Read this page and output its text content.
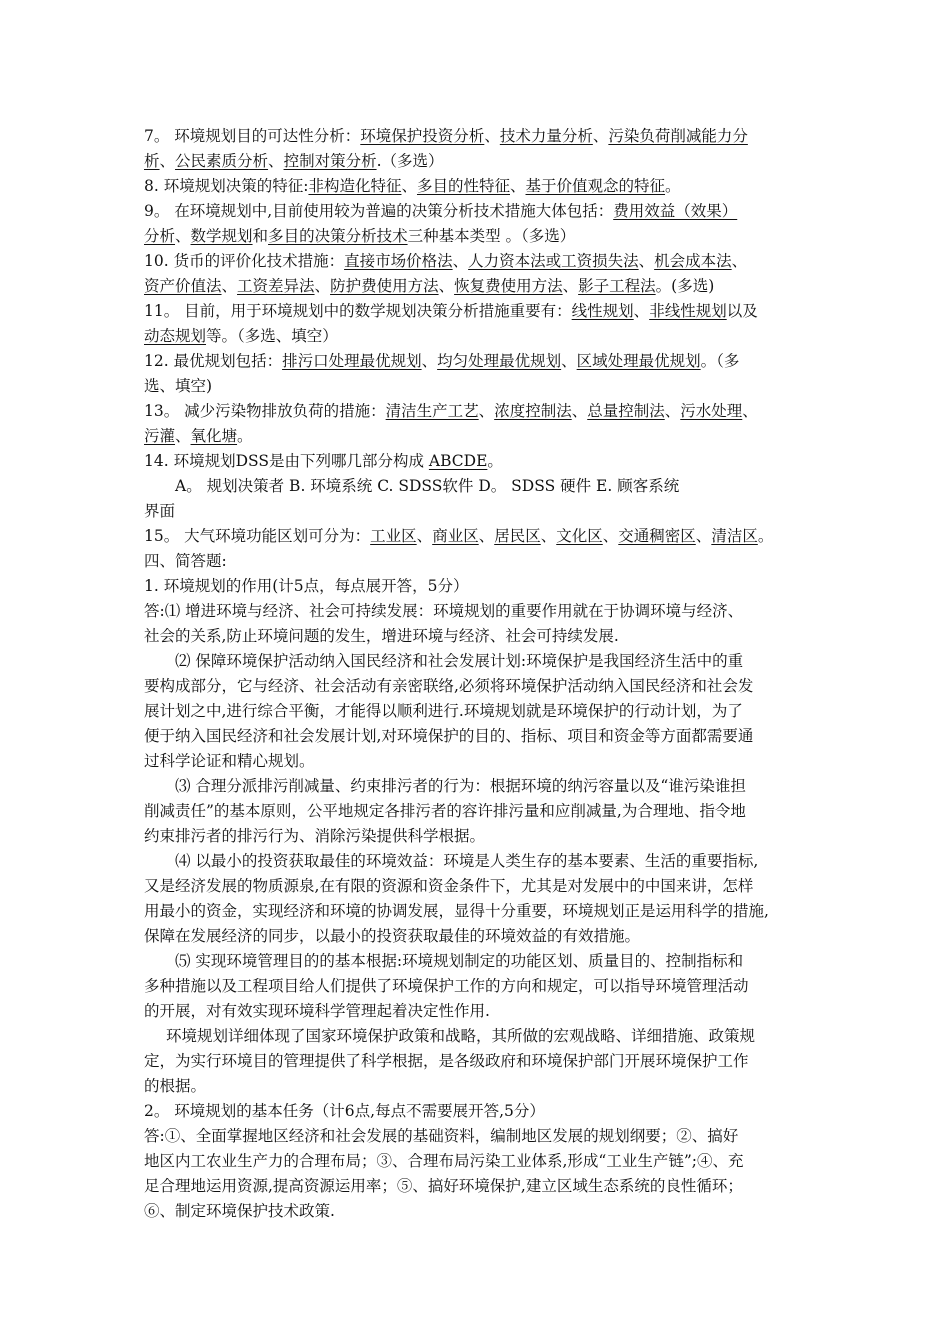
7。 环境规划目的可达性分析：环境保护投资分析、技术力量分析、污染负荷削减能力分
析、公民素质分析、控制对策分析.（多选）
8. 环境规划决策的特征:非构造化特征、多目的性特征、基于价值观念的特征。
9。 在环境规划中,目前使用较为普遍的决策分析技术措施大体包括：费用效益（效果）
分析、数学规划和多目的决策分析技术三种基本类型 。（多选）
10. 货币的评价化技术措施：直接市场价格法、人力资本法或工资损失法、机会成本法、
资产价值法、工资差异法、防护费使用方法、恢复费使用方法、影子工程法。(多选)
11。 目前，用于环境规划中的数学规划决策分析措施重要有：线性规划、非线性规划以及
动态规划等。（多选、填空）
12. 最优规划包括：排污口处理最优规划、均匀处理最优规划、区域处理最优规划。（多
选、填空)
13。 减少污染物排放负荷的措施：清洁生产工艺、浓度控制法、总量控制法、污水处理、
污灌、氧化塘。
14. 环境规划DSS是由下列哪几部分构成 ABCDE。
A。 规划决策者 B. 环境系统 C. SDSS软件 D。 SDSS 硬件 E. 顾客系统
界面
15。 大气环境功能区划可分为：工业区、商业区、居民区、文化区、交通稠密区、清洁区。
四、简答题:
1. 环境规划的作用(计5点，每点展开答，5分）
答:⑴ 增进环境与经济、社会可持续发展：环境规划的重要作用就在于协调环境与经济、
社会的关系,防止环境问题的发生，增进环境与经济、社会可持续发展.
⑵ 保障环境保护活动纳入国民经济和社会发展计划:环境保护是我国经济生活中的重
要构成部分，它与经济、社会活动有亲密联络,必须将环境保护活动纳入国民经济和社会发
展计划之中,进行综合平衡，才能得以顺利进行.环境规划就是环境保护的行动计划，为了
便于纳入国民经济和社会发展计划,对环境保护的目的、指标、项目和资金等方面都需要通
过科学论证和精心规划。
⑶ 合理分派排污削减量、约束排污者的行为：根据环境的纳污容量以及“谁污染谁担
削减责任”的基本原则，公平地规定各排污者的容许排污量和应削减量,为合理地、指令地
约束排污者的排污行为、消除污染提供科学根据。
⑷ 以最小的投资获取最佳的环境效益：环境是人类生存的基本要素、生活的重要指标,
又是经济发展的物质源泉,在有限的资源和资金条件下，尤其是对发展中的中国来讲，怎样
用最小的资金，实现经济和环境的协调发展，显得十分重要，环境规划正是运用科学的措施,
保障在发展经济的同步，以最小的投资获取最佳的环境效益的有效措施。
⑸ 实现环境管理目的的基本根据:环境规划制定的功能区划、质量目的、控制指标和
多种措施以及工程项目给人们提供了环境保护工作的方向和规定，可以指导环境管理活动
的开展，对有效实现环境科学管理起着决定性作用.
环境规划详细体现了国家环境保护政策和战略，其所做的宏观战略、详细措施、政策规
定，为实行环境目的管理提供了科学根据，是各级政府和环境保护部门开展环境保护工作
的根据。
2。 环境规划的基本任务（计6点,每点不需要展开答,5分）
答:①、全面掌握地区经济和社会发展的基础资料，编制地区发展的规划纲要；②、搞好
地区内工农业生产力的合理布局；③、合理布局污染工业体系,形成“工业生产链”;④、充
足合理地运用资源,提高资源运用率；⑤、搞好环境保护,建立区域生态系统的良性循环；
⑥、制定环境保护技术政策.
